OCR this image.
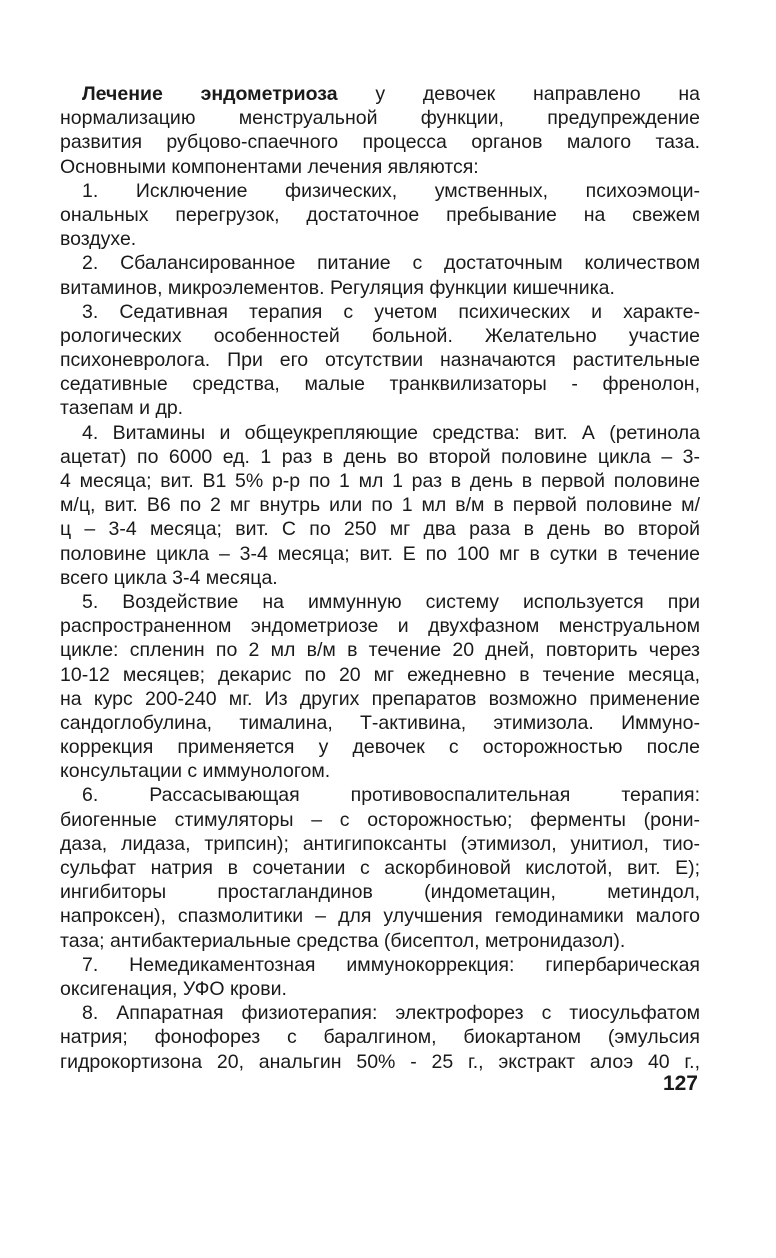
Лечение эндометриоза у девочек направлено на
нормализацию менструальной функции, предупреждение
развития рубцово-спаечного процесса органов малого таза.
Основными компонентами лечения являются:
1. Исключение физических, умственных, психоэмоци-
ональных перегрузок, достаточное пребывание на свежем
воздухе.
2. Сбалансированное питание с достаточным количеством
витаминов, микроэлементов. Регуляция функции кишечника.
3. Седативная терапия с учетом психических и характе-
рологических особенностей больной. Желательно участие
психоневролога. При его отсутствии назначаются растительные
седативные средства, малые транквилизаторы - френолон,
тазепам и др.
4. Витамины и общеукрепляющие средства: вит. А (ретинола
ацетат) по 6000 ед. 1 раз в день во второй половине цикла – 3-
4 месяца; вит. В1 5% р-р по 1 мл 1 раз в день в первой половине
м/ц, вит. В6 по 2 мг внутрь или по 1 мл в/м в первой половине м/
ц – 3-4 месяца; вит. С по 250 мг два раза в день во второй
половине цикла – 3-4 месяца; вит. Е по 100 мг в сутки в течение
всего цикла 3-4 месяца.
5. Воздействие на иммунную систему используется при
распространенном эндометриозе и двухфазном менструальном
цикле: спленин по 2 мл в/м в течение 20 дней, повторить через
10-12 месяцев; декарис по 20 мг ежедневно в течение месяца,
на курс 200-240 мг. Из других препаратов возможно применение
сандоглобулина, тималина, Т-активина, этимизола. Иммуно-
коррекция применяется у девочек с осторожностью после
консультации с иммунологом.
6. Рассасывающая противовоспалительная терапия:
биогенные стимуляторы – с осторожностью; ферменты (рони-
даза, лидаза, трипсин); антигипоксанты (этимизол, унитиол, тио-
сульфат натрия в сочетании с аскорбиновой кислотой, вит. Е);
ингибиторы простагландинов (индометацин, метиндол,
напроксен), спазмолитики – для улучшения гемодинамики малого
таза; антибактериальные средства (бисептол, метронидазол).
7. Немедикаментозная иммунокоррекция: гипербарическая
оксигенация, УФО крови.
8. Аппаратная физиотерапия: электрофорез с тиосульфатом
натрия; фонофорез с баралгином, биокартаном (эмульсия
гидрокортизона 20, анальгин 50% - 25 г., экстракт алоэ 40 г.,
127
